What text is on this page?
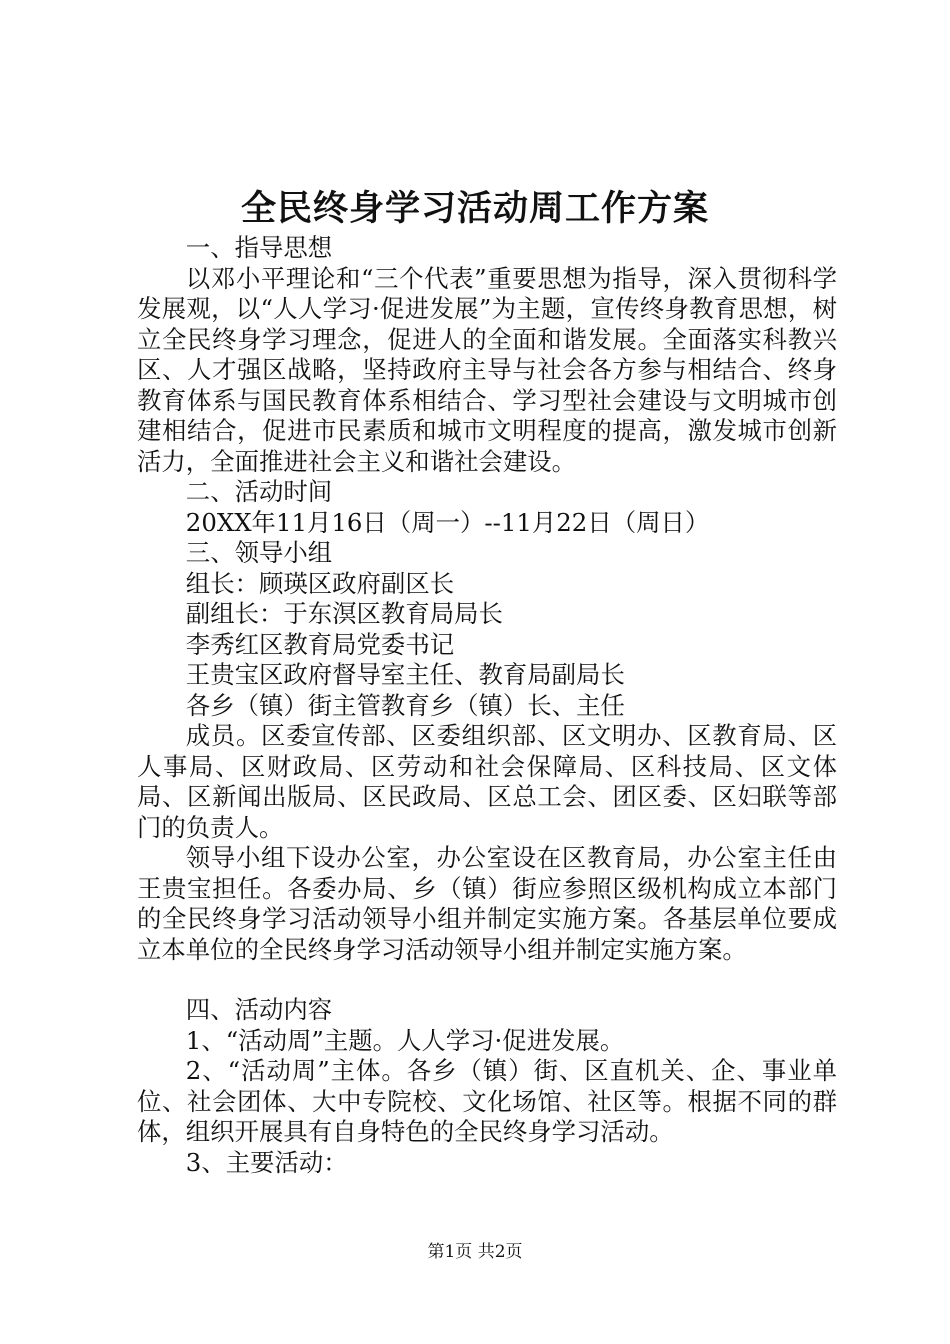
全民终身学习活动周工作方案

一、指导思想

以邓小平理论和“三个代表”重要思想为指导，深入贯彻科学发展观，以“人人学习·促进发展”为主题，宣传终身教育思想，树立全民终身学习理念，促进人的全面和谐发展。全面落实科教兴区、人才强区战略，坚持政府主导与社会各方参与相结合、终身教育体系与国民教育体系相结合、学习型社会建设与文明城市创建相结合，促进市民素质和城市文明程度的提高，激发城市创新活力，全面推进社会主义和谐社会建设。

二、活动时间

20XX年11月16日（周一）--11月22日（周日）

三、领导小组

组长：顾瑛区政府副区长

副组长：于东溟区教育局局长

李秀红区教育局党委书记

王贵宝区政府督导室主任、教育局副局长

各乡（镇）街主管教育乡（镇）长、主任

成员。区委宣传部、区委组织部、区文明办、区教育局、区人事局、区财政局、区劳动和社会保障局、区科技局、区文体局、区新闻出版局、区民政局、区总工会、团区委、区妇联等部门的负责人。

领导小组下设办公室，办公室设在区教育局，办公室主任由王贵宝担任。各委办局、乡（镇）街应参照区级机构成立本部门的全民终身学习活动领导小组并制定实施方案。各基层单位要成立本单位的全民终身学习活动领导小组并制定实施方案。

四、活动内容

1、“活动周”主题。人人学习·促进发展。

2、“活动周”主体。各乡（镇）街、区直机关、企、事业单位、社会团体、大中专院校、文化场馆、社区等。根据不同的群体，组织开展具有自身特色的全民终身学习活动。

3、主要活动：

第1页 共2页
